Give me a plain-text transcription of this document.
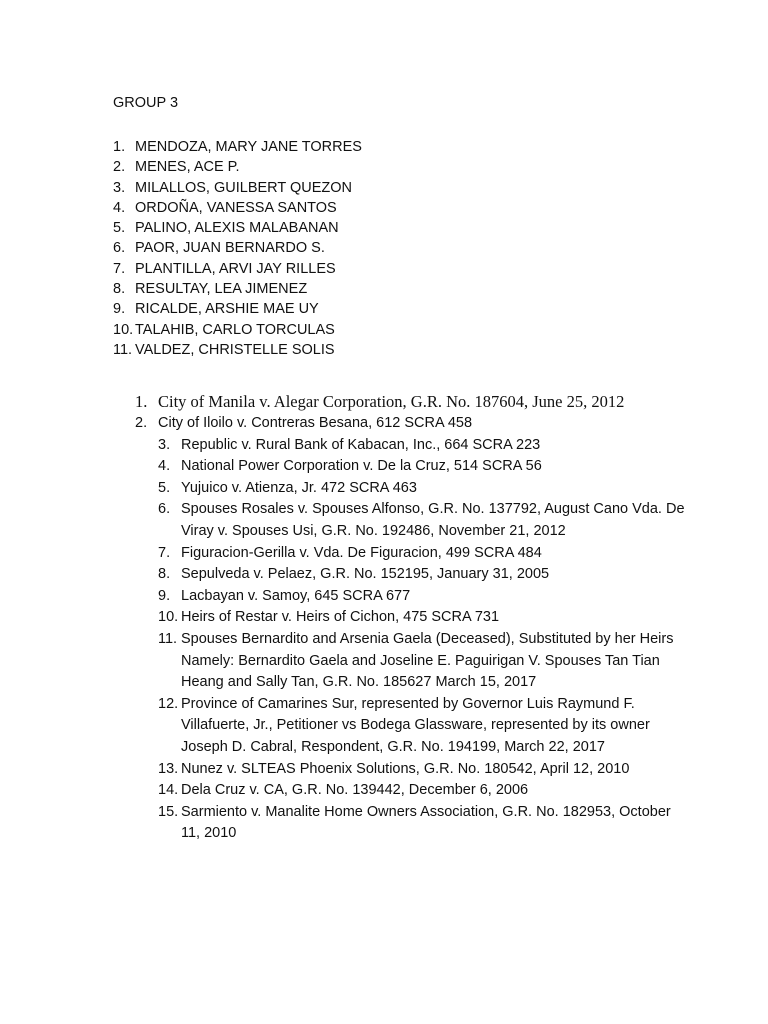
GROUP 3
1. MENDOZA, MARY JANE TORRES
2. MENES, ACE P.
3. MILALLOS, GUILBERT QUEZON
4. ORDOÑA, VANESSA SANTOS
5. PALINO, ALEXIS MALABANAN
6. PAOR, JUAN BERNARDO S.
7. PLANTILLA, ARVI JAY RILLES
8. RESULTAY, LEA JIMENEZ
9. RICALDE, ARSHIE MAE UY
10. TALAHIB, CARLO TORCULAS
11. VALDEZ, CHRISTELLE SOLIS
1. City of Manila v. Alegar Corporation, G.R. No. 187604, June 25, 2012
2. City of Iloilo v. Contreras Besana, 612 SCRA 458
3. Republic v. Rural Bank of Kabacan, Inc., 664 SCRA 223
4. National Power Corporation v. De la Cruz, 514 SCRA 56
5. Yujuico v. Atienza, Jr. 472 SCRA 463
6. Spouses Rosales v. Spouses Alfonso, G.R. No. 137792, August Cano Vda. De Viray v. Spouses Usi, G.R. No. 192486, November 21, 2012
7. Figuracion-Gerilla v. Vda. De Figuracion, 499 SCRA 484
8. Sepulveda v. Pelaez, G.R. No. 152195, January 31, 2005
9. Lacbayan v. Samoy, 645 SCRA 677
10. Heirs of Restar v. Heirs of Cichon, 475 SCRA 731
11. Spouses Bernardito and Arsenia Gaela (Deceased), Substituted by her Heirs Namely: Bernardito Gaela and Joseline E. Paguirigan V. Spouses Tan Tian Heang and Sally Tan, G.R. No. 185627 March 15, 2017
12. Province of Camarines Sur, represented by Governor Luis Raymund F. Villafuerte, Jr., Petitioner vs Bodega Glassware, represented by its owner Joseph D. Cabral, Respondent, G.R. No. 194199, March 22, 2017
13. Nunez v. SLTEAS Phoenix Solutions, G.R. No. 180542, April 12, 2010
14. Dela Cruz v. CA, G.R. No. 139442, December 6, 2006
15. Sarmiento v. Manalite Home Owners Association, G.R. No. 182953, October 11, 2010
